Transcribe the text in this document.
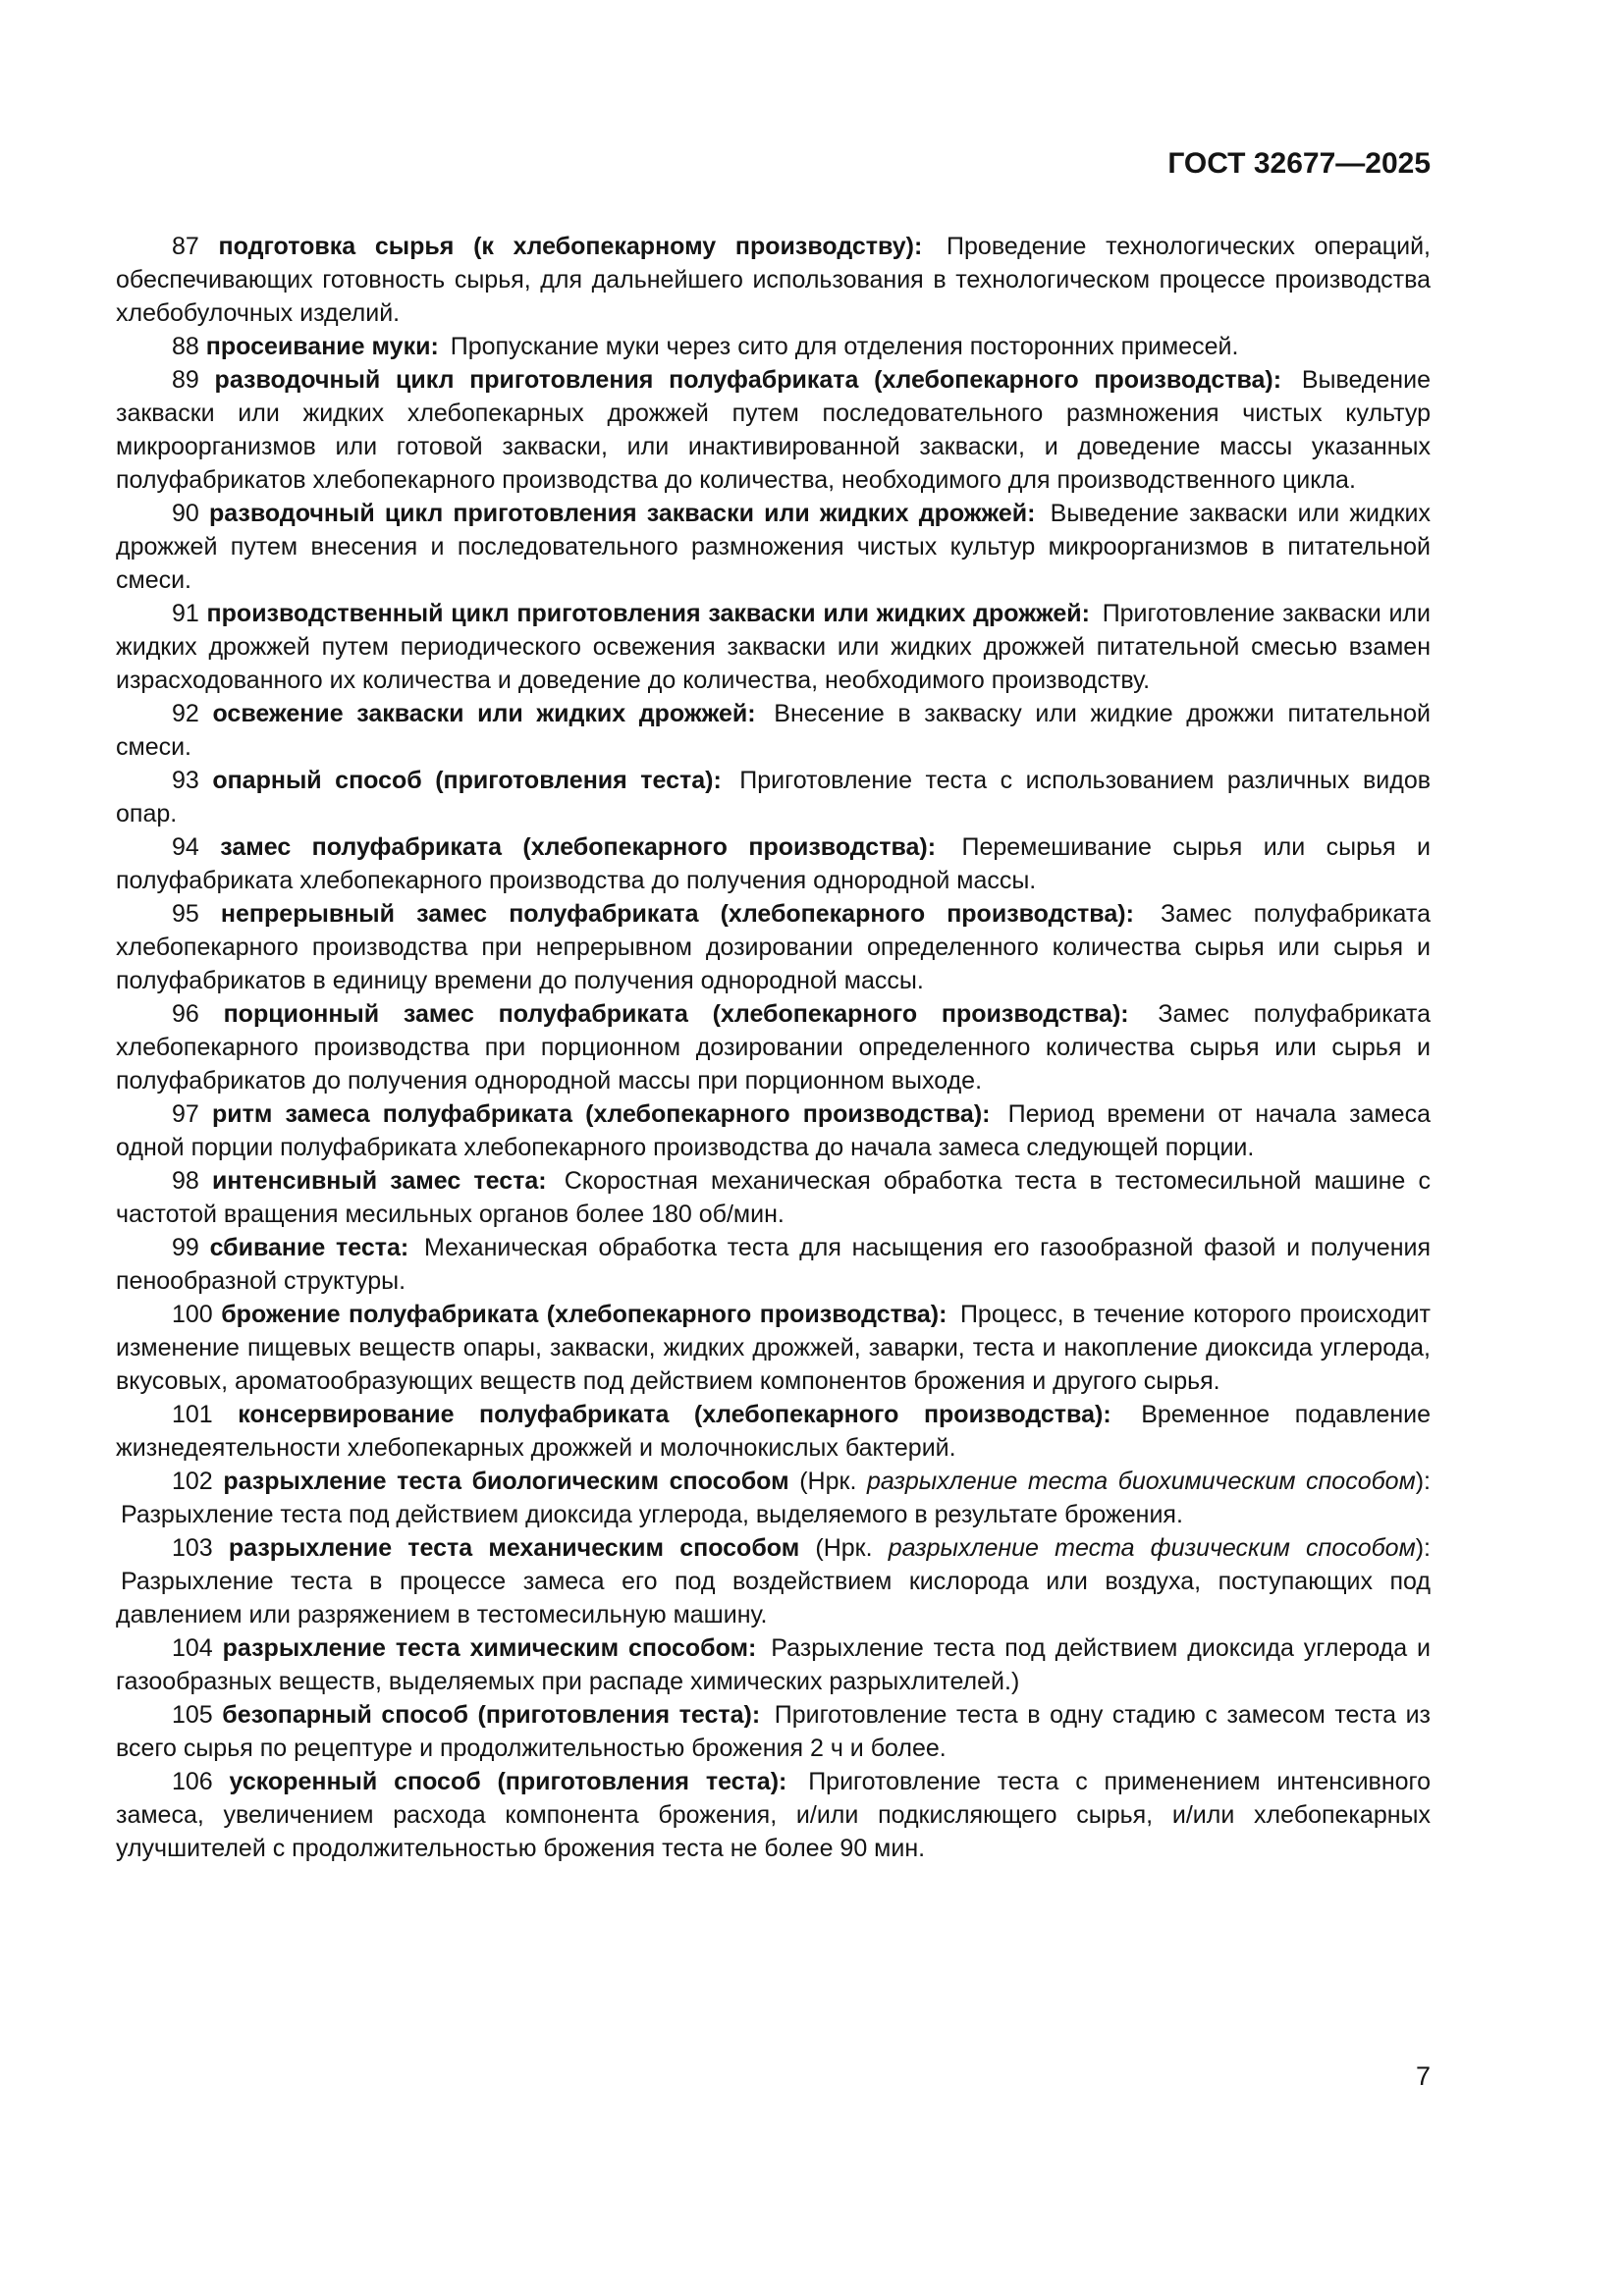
ГОСТ 32677—2025

87 подготовка сырья (к хлебопекарному производству): Проведение технологических операций, обеспечивающих готовность сырья, для дальнейшего использования в технологическом процессе производства хлебобулочных изделий.

88 просеивание муки: Пропускание муки через сито для отделения посторонних примесей.

89 разводочный цикл приготовления полуфабриката (хлебопекарного производства): Выведение закваски или жидких хлебопекарных дрожжей путем последовательного размножения чистых культур микроорганизмов или готовой закваски, или инактивированной закваски, и доведение массы указанных полуфабрикатов хлебопекарного производства до количества, необходимого для производственного цикла.

90 разводочный цикл приготовления закваски или жидких дрожжей: Выведение закваски или жидких дрожжей путем внесения и последовательного размножения чистых культур микроорганизмов в питательной смеси.

91 производственный цикл приготовления закваски или жидких дрожжей: Приготовление закваски или жидких дрожжей путем периодического освежения закваски или жидких дрожжей питательной смесью взамен израсходованного их количества и доведение до количества, необходимого производству.

92 освежение закваски или жидких дрожжей: Внесение в закваску или жидкие дрожжи питательной смеси.

93 опарный способ (приготовления теста): Приготовление теста с использованием различных видов опар.

94 замес полуфабриката (хлебопекарного производства): Перемешивание сырья или сырья и полуфабриката хлебопекарного производства до получения однородной массы.

95 непрерывный замес полуфабриката (хлебопекарного производства): Замес полуфабриката хлебопекарного производства при непрерывном дозировании определенного количества сырья или сырья и полуфабрикатов в единицу времени до получения однородной массы.

96 порционный замес полуфабриката (хлебопекарного производства): Замес полуфабриката хлебопекарного производства при порционном дозировании определенного количества сырья или сырья и полуфабрикатов до получения однородной массы при порционном выходе.

97 ритм замеса полуфабриката (хлебопекарного производства): Период времени от начала замеса одной порции полуфабриката хлебопекарного производства до начала замеса следующей порции.

98 интенсивный замес теста: Скоростная механическая обработка теста в тестомесильной машине с частотой вращения месильных органов более 180 об/мин.

99 сбивание теста: Механическая обработка теста для насыщения его газообразной фазой и получения пенообразной структуры.

100 брожение полуфабриката (хлебопекарного производства): Процесс, в течение которого происходит изменение пищевых веществ опары, закваски, жидких дрожжей, заварки, теста и накопление диоксида углерода, вкусовых, ароматообразующих веществ под действием компонентов брожения и другого сырья.

101 консервирование полуфабриката (хлебопекарного производства): Временное подавление жизнедеятельности хлебопекарных дрожжей и молочнокислых бактерий.

102 разрыхление теста биологическим способом (Нрк. разрыхление теста биохимическим способом): Разрыхление теста под действием диоксида углерода, выделяемого в результате брожения.

103 разрыхление теста механическим способом (Нрк. разрыхление теста физическим способом): Разрыхление теста в процессе замеса его под воздействием кислорода или воздуха, поступающих под давлением или разряжением в тестомесильную машину.

104 разрыхление теста химическим способом: Разрыхление теста под действием диоксида углерода и газообразных веществ, выделяемых при распаде химических разрыхлителей.)

105 безопарный способ (приготовления теста): Приготовление теста в одну стадию с замесом теста из всего сырья по рецептуре и продолжительностью брожения 2 ч и более.

106 ускоренный способ (приготовления теста): Приготовление теста с применением интенсивного замеса, увеличением расхода компонента брожения, и/или подкисляющего сырья, и/или хлебопекарных улучшителей с продолжительностью брожения теста не более 90 мин.

7
